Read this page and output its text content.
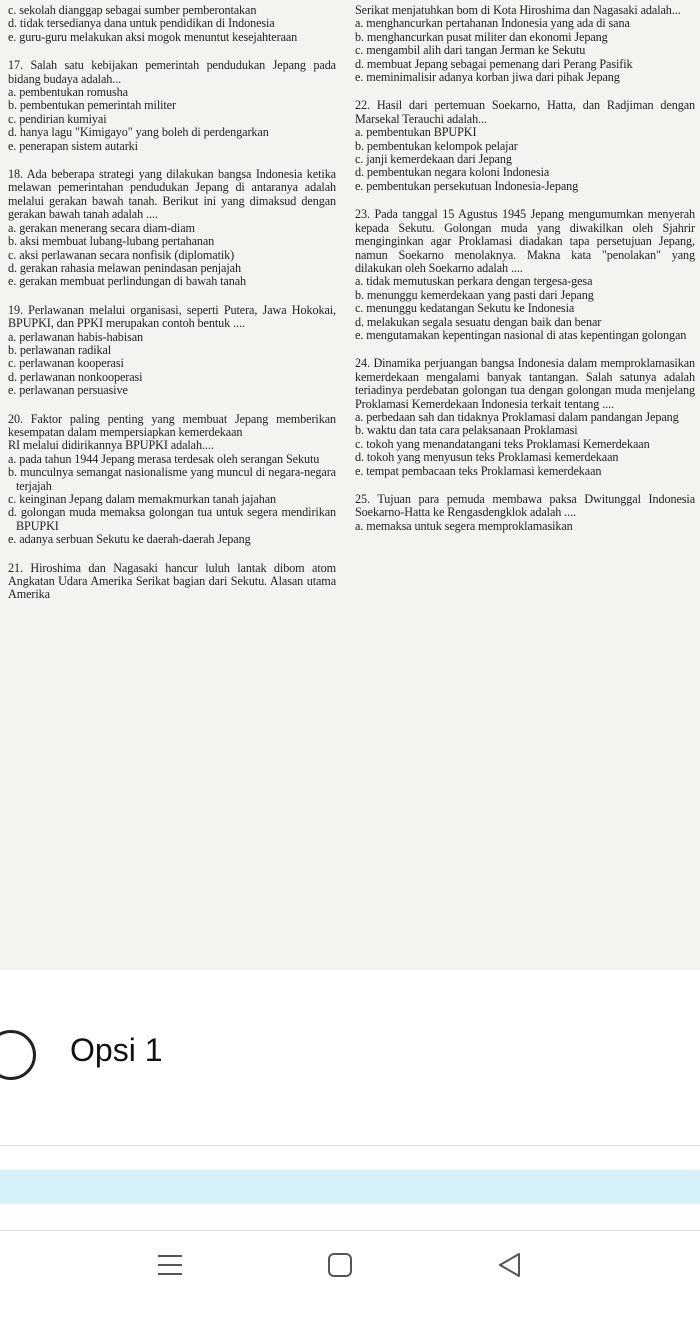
c. sekolah dianggap sebagai sumber pemberontakan
d. tidak tersedianya dana untuk pendidikan di Indonesia
e. guru-guru melakukan aksi mogok menuntut kesejahteraan
17. Salah satu kebijakan pemerintah pendudukan Jepang pada bidang budaya adalah...
a. pembentukan romusha
b. pembentukan pemerintah militer
c. pendirian kumiyai
d. hanya lagu "Kimigayo" yang boleh di perdengarkan
e. penerapan sistem autarki
18. Ada beberapa strategi yang dilakukan bangsa Indonesia ketika melawan pemerintahan pendudukan Jepang di antaranya adalah melalui gerakan bawah tanah. Berikut ini yang dimaksud dengan gerakan bawah tanah adalah ....
a. gerakan menerang secara diam-diam
b. aksi membuat lubang-lubang pertahanan
c. aksi perlawanan secara nonfisik (diplomatik)
d. gerakan rahasia melawan penindasan penjajah
e. gerakan membuat perlindungan di bawah tanah
19. Perlawanan melalui organisasi, seperti Putera, Jawa Hokokai, BPUPKI, dan PPKI merupakan contoh bentuk ....
a. perlawanan habis-habisan
b. perlawanan radikal
c. perlawanan kooperasi
d. perlawanan nonkooperasi
e. perlawanan persuasive
20. Faktor paling penting yang membuat Jepang memberikan kesempatan dalam mempersiapkan kemerdekaan
RI melalui didirikannya BPUPKI adalah....
a. pada tahun 1944 Jepang merasa terdesak oleh serangan Sekutu
b. munculnya semangat nasionalisme yang muncul di negara-negara terjajah
c. keinginan Jepang dalam memakmurkan tanah jajahan
d. golongan muda memaksa golongan tua untuk segera mendirikan BPUPKI
e. adanya serbuan Sekutu ke daerah-daerah Jepang
21. Hiroshima dan Nagasaki hancur luluh lantak dibom atom Angkatan Udara Amerika Serikat bagian dari Sekutu. Alasan utama Amerika
Serikat menjatuhkan bom di Kota Hiroshima dan Nagasaki adalah...
a. menghancurkan pertahanan Indonesia yang ada di sana
b. menghancurkan pusat militer dan ekonomi Jepang
c. mengambil alih dari tangan Jerman ke Sekutu
d. membuat Jepang sebagai pemenang dari Perang Pasifik
e. meminimalisir adanya korban jiwa dari pihak Jepang
22. Hasil dari pertemuan Soekarno, Hatta, dan Radjiman dengan Marsekal Terauchi adalah...
a. pembentukan BPUPKI
b. pembentukan kelompok pelajar
c. janji kemerdekaan dari Jepang
d. pembentukan negara koloni Indonesia
e. pembentukan persekutuan Indonesia-Jepang
23. Pada tanggal 15 Agustus 1945 Jepang mengumumkan menyerah kepada Sekutu. Golongan muda yang diwakilkan oleh Sjahrir menginginkan agar Proklamasi diadakan tapa persetujuan Jepang, namun Soekarno menolaknya. Makna kata "penolakan" yang dilakukan oleh Soekarno adalah ....
a. tidak memutuskan perkara dengan tergesa-gesa
b. menunggu kemerdekaan yang pasti dari Jepang
c. menunggu kedatangan Sekutu ke Indonesia
d. melakukan segala sesuatu dengan baik dan benar
e. mengutamakan kepentingan nasional di atas kepentingan golongan
24. Dinamika perjuangan bangsa Indonesia dalam memproklamasikan kemerdekaan mengalami banyak tantangan. Salah satunya adalah teriadinya perdebatan golongan tua dengan golongan muda menjelang Proklamasi Kemerdekaan Indonesia terkait tentang ....
a. perbedaan sah dan tidaknya Proklamasi dalam pandangan Jepang
b. waktu dan tata cara pelaksanaan Proklamasi
c. tokoh yang menandatangani teks Proklamasi Kemerdekaan
d. tokoh yang menyusun teks Proklamasi kemerdekaan
e. tempat pembacaan teks Proklamasi kemerdekaan
25. Tujuan para pemuda membawa paksa Dwitunggal Indonesia Soekarno-Hatta ke Rengasdengklok adalah ....
a. memaksa untuk segera memproklamasikan
Opsi 1
